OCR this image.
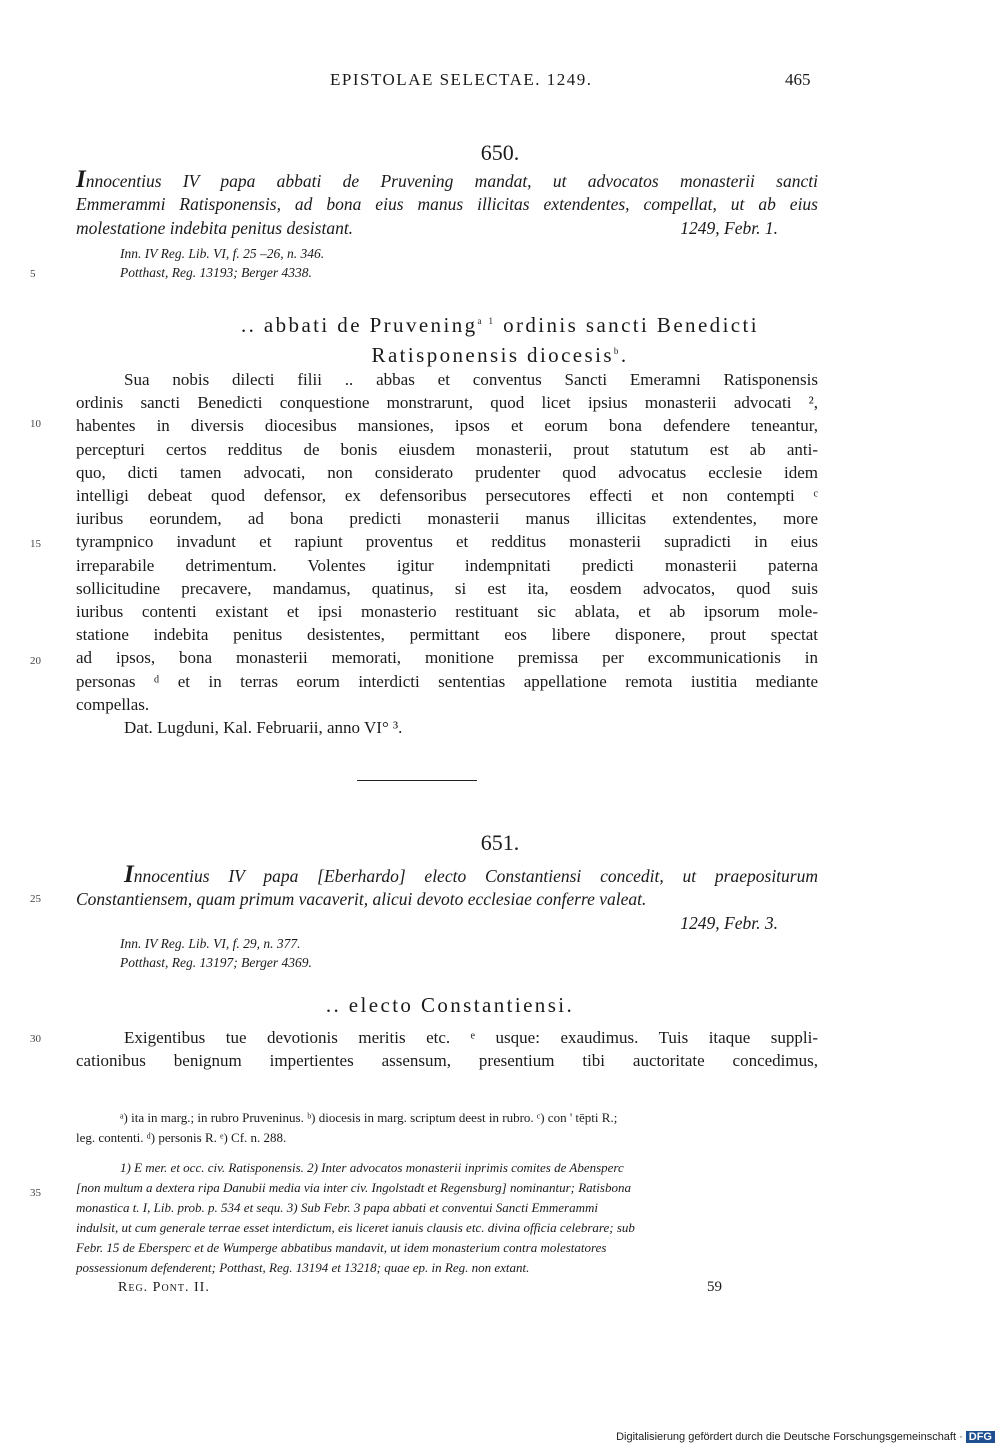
EPISTOLAE SELECTAE. 1249.	465
650.
Innocentius IV papa abbati de Pruvening mandat, ut advocatos monasterii sancti
Emmerammi Ratisponensis, ad bona eius manus illicitas extendentes, compellat, ut ab eius
molestatione indebita penitus desistant.	1249, Febr. 1.
Inn. IV Reg. Lib. VI, f. 25 –26, n. 346.
Potthast, Reg. 13193; Berger 4338.
.. abbati de Pruvening$^{a 1}$ ordinis sancti Benedicti
Ratisponensis diocesis$^b$.
Sua nobis dilecti filii .. abbas et conventus Sancti Emeramni Ratisponensis
ordinis sancti Benedicti conquestione monstrarunt, quod licet ipsius monasterii advocati ²,
habentes in diversis diocesibus mansiones, ipsos et eorum bona defendere teneantur,
percepturi certos redditus de bonis eiusdem monasterii, prout statutum est ab anti-
quo, dicti tamen advocati, non considerato prudenter quod advocatus ecclesie idem
intelligi debeat quod defensor, ex defensoribus persecutores effecti et non contempti ᶜ
iuribus eorundem, ad bona predicti monasterii manus illicitas extendentes, more
tyrampnico invadunt et rapiunt proventus et redditus monasterii supradicti in eius
irreparabile detrimentum. Volentes igitur indempnitati predicti monasterii paterna
sollicitudine precavere, mandamus, quatinus, si est ita, eosdem advocatos, quod suis
iuribus contenti existant et ipsi monasterio restituant sic ablata, et ab ipsorum mole-
statione indebita penitus desistentes, permittant eos libere disponere, prout spectat
ad ipsos, bona monasterii memorati, monitione premissa per excommunicationis in
personas ᵈ et in terras eorum interdicti sententias appellatione remota iustitia mediante
compellas.
Dat. Lugduni, Kal. Februarii, anno VI° ³.
651.
Innocentius IV papa [Eberhardo] electo Constantiensi concedit, ut praepositurum
Constantiensem, quam primum vacaverit, alicui devoto ecclesiae conferre valeat.
1249, Febr. 3.
Inn. IV Reg. Lib. VI, f. 29, n. 377.
Potthast, Reg. 13197; Berger 4369.
.. electo Constantiensi.
Exigentibus tue devotionis meritis etc. ᵉ usque: exaudimus. Tuis itaque suppli-
cationibus benignum impertientes assensum, presentium tibi auctoritate concedimus,
5
10
15
20
25
30
35
ᵃ) ita in marg.; in rubro Pruveninus. ᵇ) diocesis in marg. scriptum deest in rubro. ᶜ) con ' tēpti R.;
leg. contenti. ᵈ) personis R. ᵉ) Cf. n. 288.
1) E mer. et occ. civ. Ratisponensis. 2) Inter advocatos monasterii inprimis comites de Abensperc
[non multum a dextera ripa Danubii media via inter civ. Ingolstadt et Regensburg] nominantur; Ratisbona
monastica t. I, Lib. prob. p. 534 et sequ. 3) Sub Febr. 3 papa abbati et conventui Sancti Emmerammi
indulsit, ut cum generale terrae esset interdictum, eis liceret ianuis clausis etc. divina officia celebrare; sub
Febr. 15 de Ebersperc et de Wumperge abbatibus mandavit, ut idem monasterium contra molestatores
possessionum defenderent; Potthast, Reg. 13194 et 13218; quae ep. in Reg. non extant.
Reg. Pont. II.	59
Digitalisierung gefördert durch die Deutsche Forschungsgemeinschaft · DFG
